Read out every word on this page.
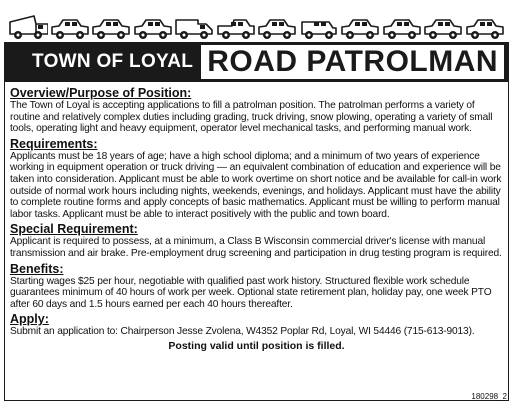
TOWN OF LOYAL ROAD PATROLMAN

Overview/Purpose of Position:

The Town of Loyal is accepting applications to fill a patrolman position. The patrolman performs a variety of routine and relatively complex duties including grading, truck driving, snow plowing, operating a variety of small tools, operating light and heavy equipment, operator level mechanical tasks, and performing manual work.

Requirements:

Applicants must be 18 years of age; have a high school diploma; and a minimum of two years of experience working in equipment operation or truck driving — an equivalent combination of education and experience will be taken into consideration. Applicant must be able to work overtime on short notice and be available for call-in work outside of normal work hours including nights, weekends, evenings, and holidays. Applicant must have the ability to complete routine forms and apply concepts of basic mathematics. Applicant must be willing to perform manual labor tasks. Applicant must be able to interact positively with the public and town board.

Special Requirement:

Applicant is required to possess, at a minimum, a Class B Wisconsin commercial driver's license with manual transmission and air brake. Pre-employment drug screening and participation in drug testing program is required.

Benefits:

Starting wages $25 per hour, negotiable with qualified past work history. Structured flexible work schedule guarantees minimum of 40 hours of work per week. Optional state retirement plan, holiday pay, one week PTO after 60 days and 1.5 hours earned per each 40 hours thereafter.

Apply:

Submit an application to: Chairperson Jesse Zvolena, W4352 Poplar Rd, Loyal, WI 54446 (715-613-9013).

Posting valid until position is filled.
180298_2
